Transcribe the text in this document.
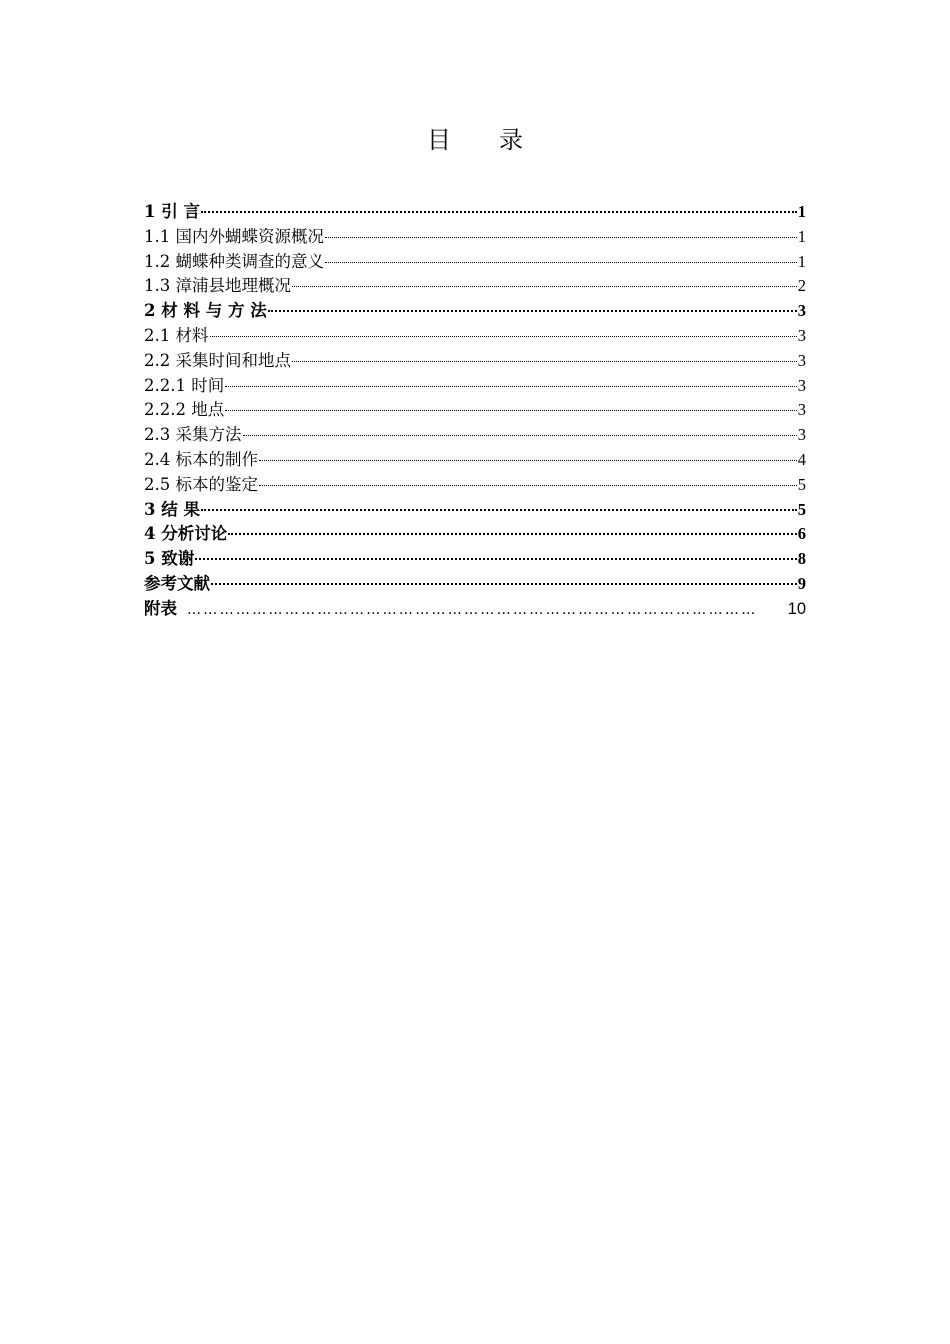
目　　录
1 引 言	1
1.1 国内外蝴蝶资源概况	1
1.2 蝴蝶种类调查的意义	1
1.3 漳浦县地理概况	2
2 材 料 与 方 法	3
2.1 材料	3
2.2 采集时间和地点	3
2.2.1 时间	3
2.2.2 地点	3
2.3 采集方法	3
2.4 标本的制作	4
2.5 标本的鉴定	5
3 结 果	5
4 分析讨论	6
5 致谢	8
参考文献	9
附表 ……………………………………………………………………………………………	10
